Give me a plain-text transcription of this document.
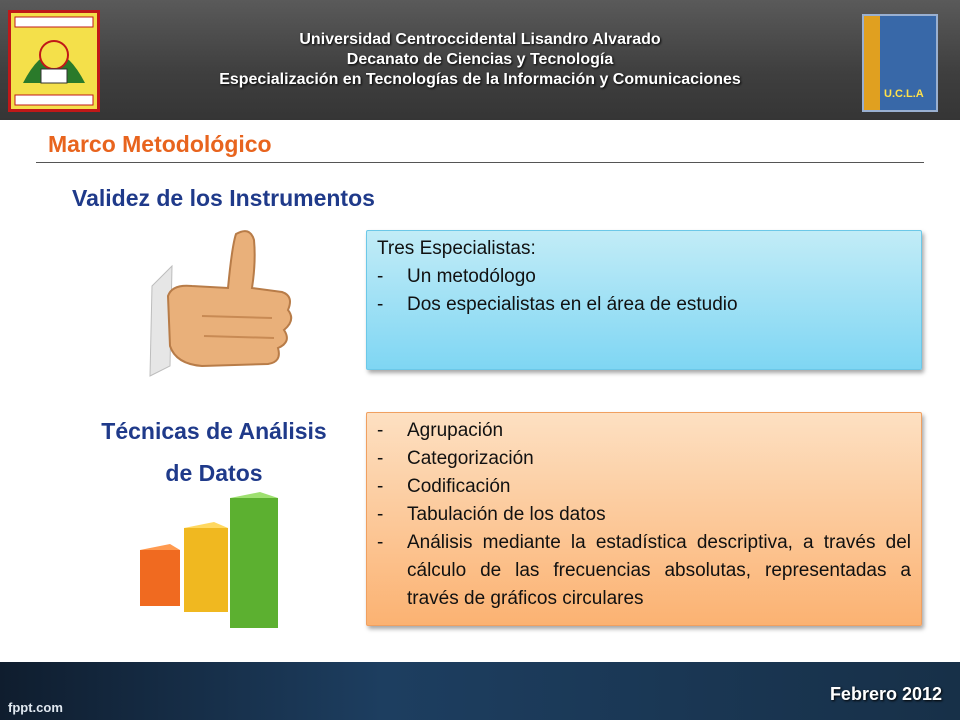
Universidad Centroccidental Lisandro Alvarado
Decanato de Ciencias y Tecnología
Especialización en Tecnologías de la Información y Comunicaciones
U.C.L.A
Marco Metodológico
Validez de los Instrumentos
Tres Especialistas:
-	Un metodólogo
-	Dos especialistas en el área de estudio
Técnicas de Análisis
de Datos
-	Agrupación
-	Categorización
-	Codificación
-	Tabulación de los datos
-	Análisis mediante la estadística descriptiva, a través del cálculo de las frecuencias absolutas, representadas a través de gráficos circulares
fppt.com
Febrero 2012
